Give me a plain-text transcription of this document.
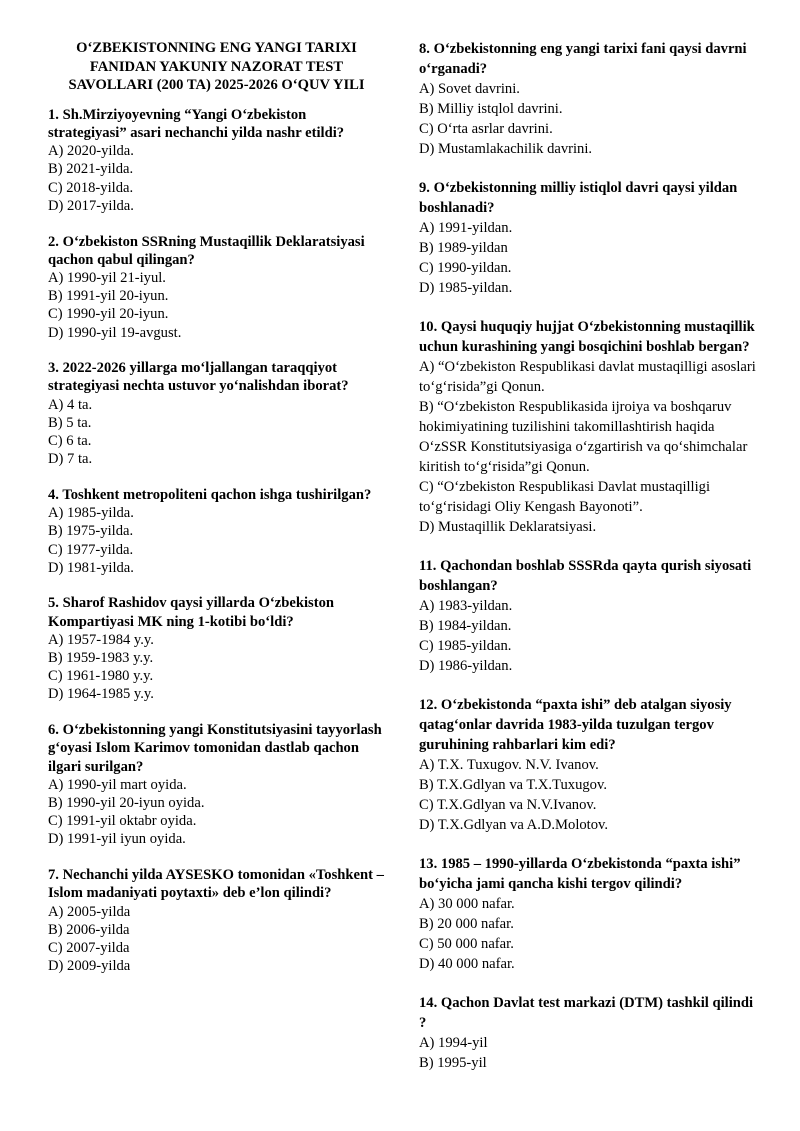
O‘ZBEKISTONNING ENG YANGI TARIXI FANIDAN YAKUNIY NAZORAT TEST SAVOLLARI (200 TA) 2025-2026 O‘QUV YILI
1. Sh.Mirziyoyevning “Yangi O‘zbekiston strategiyasi” asari nechanchi yilda nashr etildi?
A) 2020-yilda.
B) 2021-yilda.
C) 2018-yilda.
D) 2017-yilda.
2. O‘zbekiston SSRning Mustaqillik Deklaratsiyasi qachon qabul qilingan?
A) 1990-yil 21-iyul.
B) 1991-yil 20-iyun.
C) 1990-yil 20-iyun.
D) 1990-yil 19-avgust.
3. 2022-2026 yillarga mo‘ljallangan taraqqiyot strategiyasi nechta ustuvor yo‘nalishdan iborat?
A) 4 ta.
B) 5 ta.
C) 6 ta.
D) 7 ta.
4. Toshkent metropoliteni qachon ishga tushirilgan?
A) 1985-yilda.
B) 1975-yilda.
C) 1977-yilda.
D) 1981-yilda.
5. Sharof Rashidov qaysi yillarda O‘zbekiston Kompartiyasi MK ning 1-kotibi bo‘ldi?
A) 1957-1984 y.y.
B) 1959-1983 y.y.
C) 1961-1980 y.y.
D) 1964-1985 y.y.
6. O‘zbekistonning yangi Konstitutsiyasini tayyorlash g‘oyasi Islom Karimov tomonidan dastlab qachon ilgari surilgan?
A) 1990-yil mart oyida.
B) 1990-yil 20-iyun oyida.
C) 1991-yil oktabr oyida.
D) 1991-yil iyun oyida.
7. Nechanchi yilda AYSESKO tomonidan «Toshkent – Islom madaniyati poytaxti» deb e’lon qilindi?
A) 2005-yilda
B) 2006-yilda
C) 2007-yilda
D) 2009-yilda
8. O‘zbekistonning eng yangi tarixi fani qaysi davrni o‘rganadi?
A) Sovet davrini.
B) Milliy istqlol davrini.
C) O‘rta asrlar davrini.
D) Mustamlakachilik davrini.
9. O‘zbekistonning milliy istiqlol davri qaysi yildan boshlanadi?
A) 1991-yildan.
B) 1989-yildan
C) 1990-yildan.
D) 1985-yildan.
10. Qaysi huquqiy hujjat O‘zbekistonning mustaqillik uchun kurashining yangi bosqichini boshlab bergan?
A) “O‘zbekiston Respublikasi davlat mustaqilligi asoslari to‘g‘risida”gi Qonun.
B) “O‘zbekiston Respublikasida ijroiya va boshqaruv hokimiyatining tuzilishini takomillashtirish haqida O‘zSSR Konstitutsiyasiga o‘zgartirish va qo‘shimchalar kiritish to‘g‘risida”gi Qonun.
C) “O‘zbekiston Respublikasi Davlat mustaqilligi to‘g‘risidagi Oliy Kengash Bayonoti”.
D) Mustaqillik Deklaratsiyasi.
11. Qachondan boshlab SSSRda qayta qurish siyosati boshlangan?
A) 1983-yildan.
B) 1984-yildan.
C) 1985-yildan.
D) 1986-yildan.
12. O‘zbekistonda “paxta ishi” deb atalgan siyosiy qatag‘onlar davrida 1983-yilda tuzulgan tergov guruhining rahbarlari kim edi?
A) T.X. Tuxugov. N.V. Ivanov.
B) T.X.Gdlyan va T.X.Tuxugov.
C) T.X.Gdlyan va N.V.Ivanov.
D) T.X.Gdlyan va A.D.Molotov.
13. 1985 – 1990-yillarda O‘zbekistonda “paxta ishi” bo‘yicha jami qancha kishi tergov qilindi?
A) 30 000 nafar.
B) 20 000 nafar.
C) 50 000 nafar.
D) 40 000 nafar.
14. Qachon Davlat test markazi (DTM) tashkil qilindi ?
A) 1994-yil
B) 1995-yil
